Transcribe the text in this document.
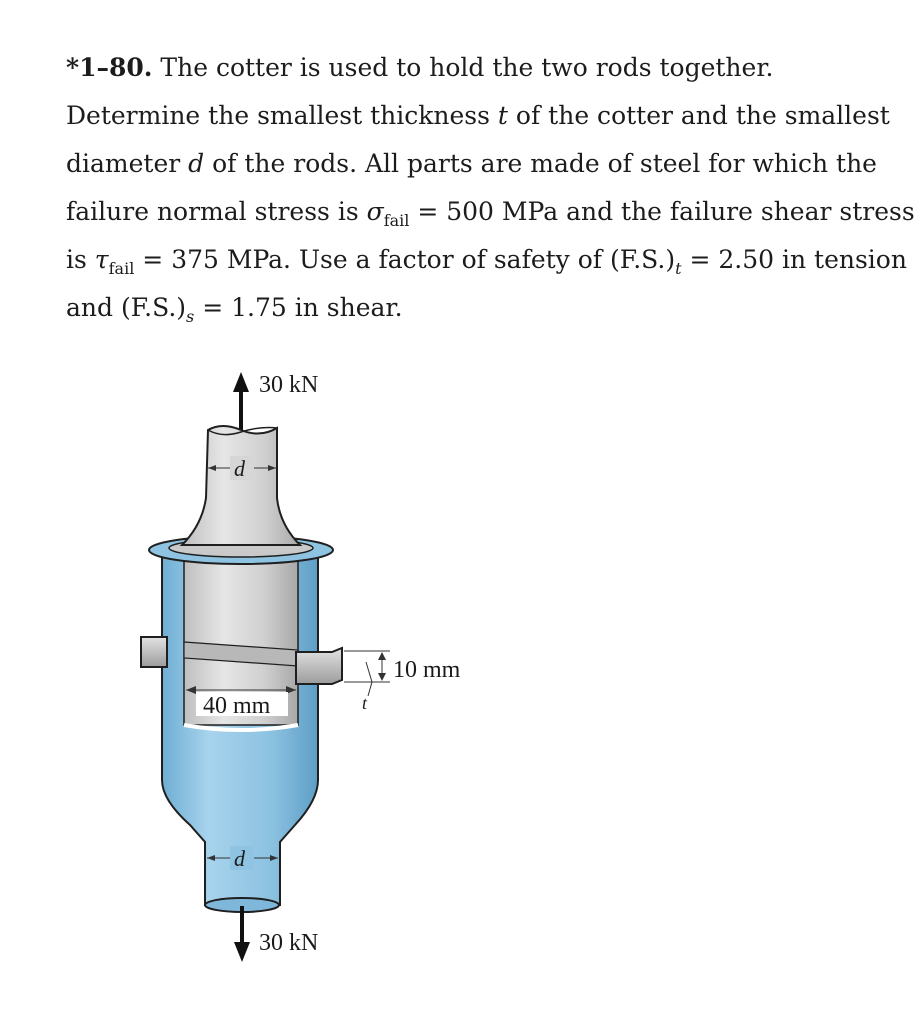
*1–80. The cotter is used to hold the two rods together.
Determine the smallest thickness t of the cotter and the smallest
diameter d of the rods. All parts are made of steel for which the
failure normal stress is $\sigma_{fail} = 500$ MPa and the failure shear stress
is $\tau_{fail} = 375$ MPa. Use a factor of safety of $(F.S.)_t = 2.50$ in tension
and $(F.S.)_s = 1.75$ in shear.
30 kN
10 mm
t
40 mm
d
d
30 kN
